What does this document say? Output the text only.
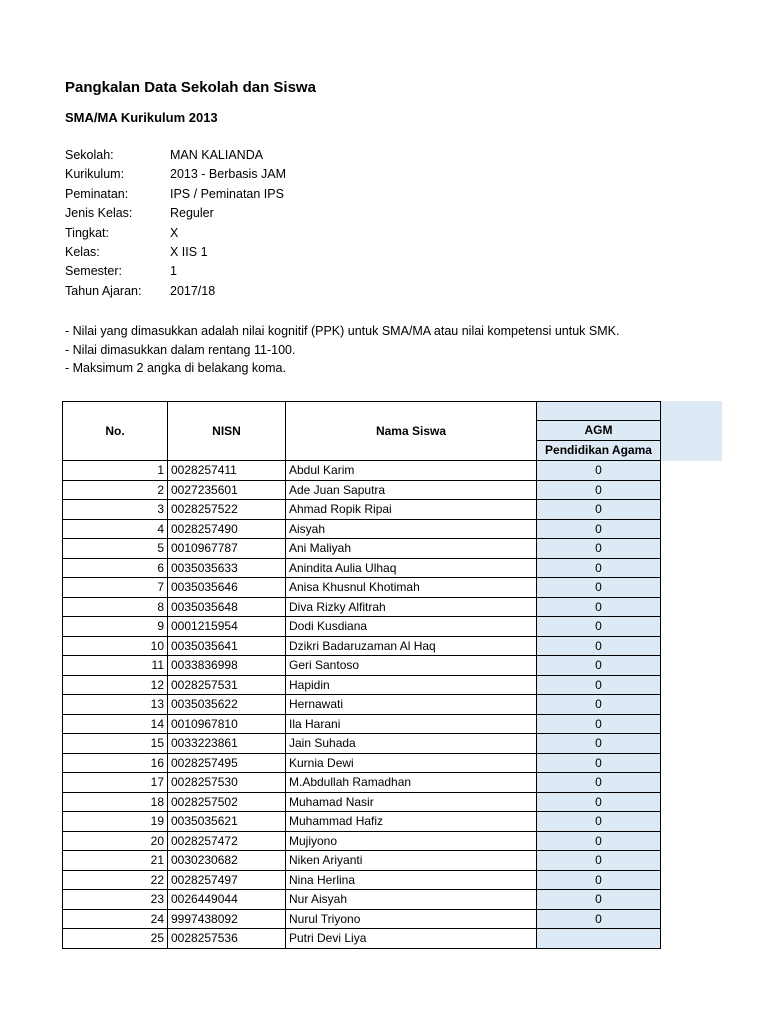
Pangkalan Data Sekolah dan Siswa
SMA/MA Kurikulum 2013
Sekolah:	MAN KALIANDA
Kurikulum:	2013 - Berbasis JAM
Peminatan:	IPS / Peminatan IPS
Jenis Kelas:	Reguler
Tingkat:	X
Kelas:	X IIS 1
Semester:	1
Tahun Ajaran:	2017/18
- Nilai yang dimasukkan adalah nilai kognitif (PPK) untuk SMA/MA atau nilai kompetensi untuk SMK.
- Nilai dimasukkan dalam rentang 11-100.
- Maksimum 2 angka di belakang koma.
No.	NISN	Nama Siswa	
			AGM
			Pendidikan Agama
1	0028257411	Abdul Karim	0
2	0027235601	Ade Juan Saputra	0
3	0028257522	Ahmad Ropik Ripai	0
4	0028257490	Aisyah	0
5	0010967787	Ani Maliyah	0
6	0035035633	Anindita Aulia Ulhaq	0
7	0035035646	Anisa Khusnul Khotimah	0
8	0035035648	Diva Rizky Alfitrah	0
9	0001215954	Dodi Kusdiana	0
10	0035035641	Dzikri Badaruzaman Al Haq	0
11	0033836998	Geri Santoso	0
12	0028257531	Hapidin	0
13	0035035622	Hernawati	0
14	0010967810	Ila Harani	0
15	0033223861	Jain Suhada	0
16	0028257495	Kurnia Dewi	0
17	0028257530	M.Abdullah Ramadhan	0
18	0028257502	Muhamad Nasir	0
19	0035035621	Muhammad Hafiz	0
20	0028257472	Mujiyono	0
21	0030230682	Niken Ariyanti	0
22	0028257497	Nina Herlina	0
23	0026449044	Nur Aisyah	0
24	9997438092	Nurul Triyono	0
25	0028257536	Putri Devi Liya	
